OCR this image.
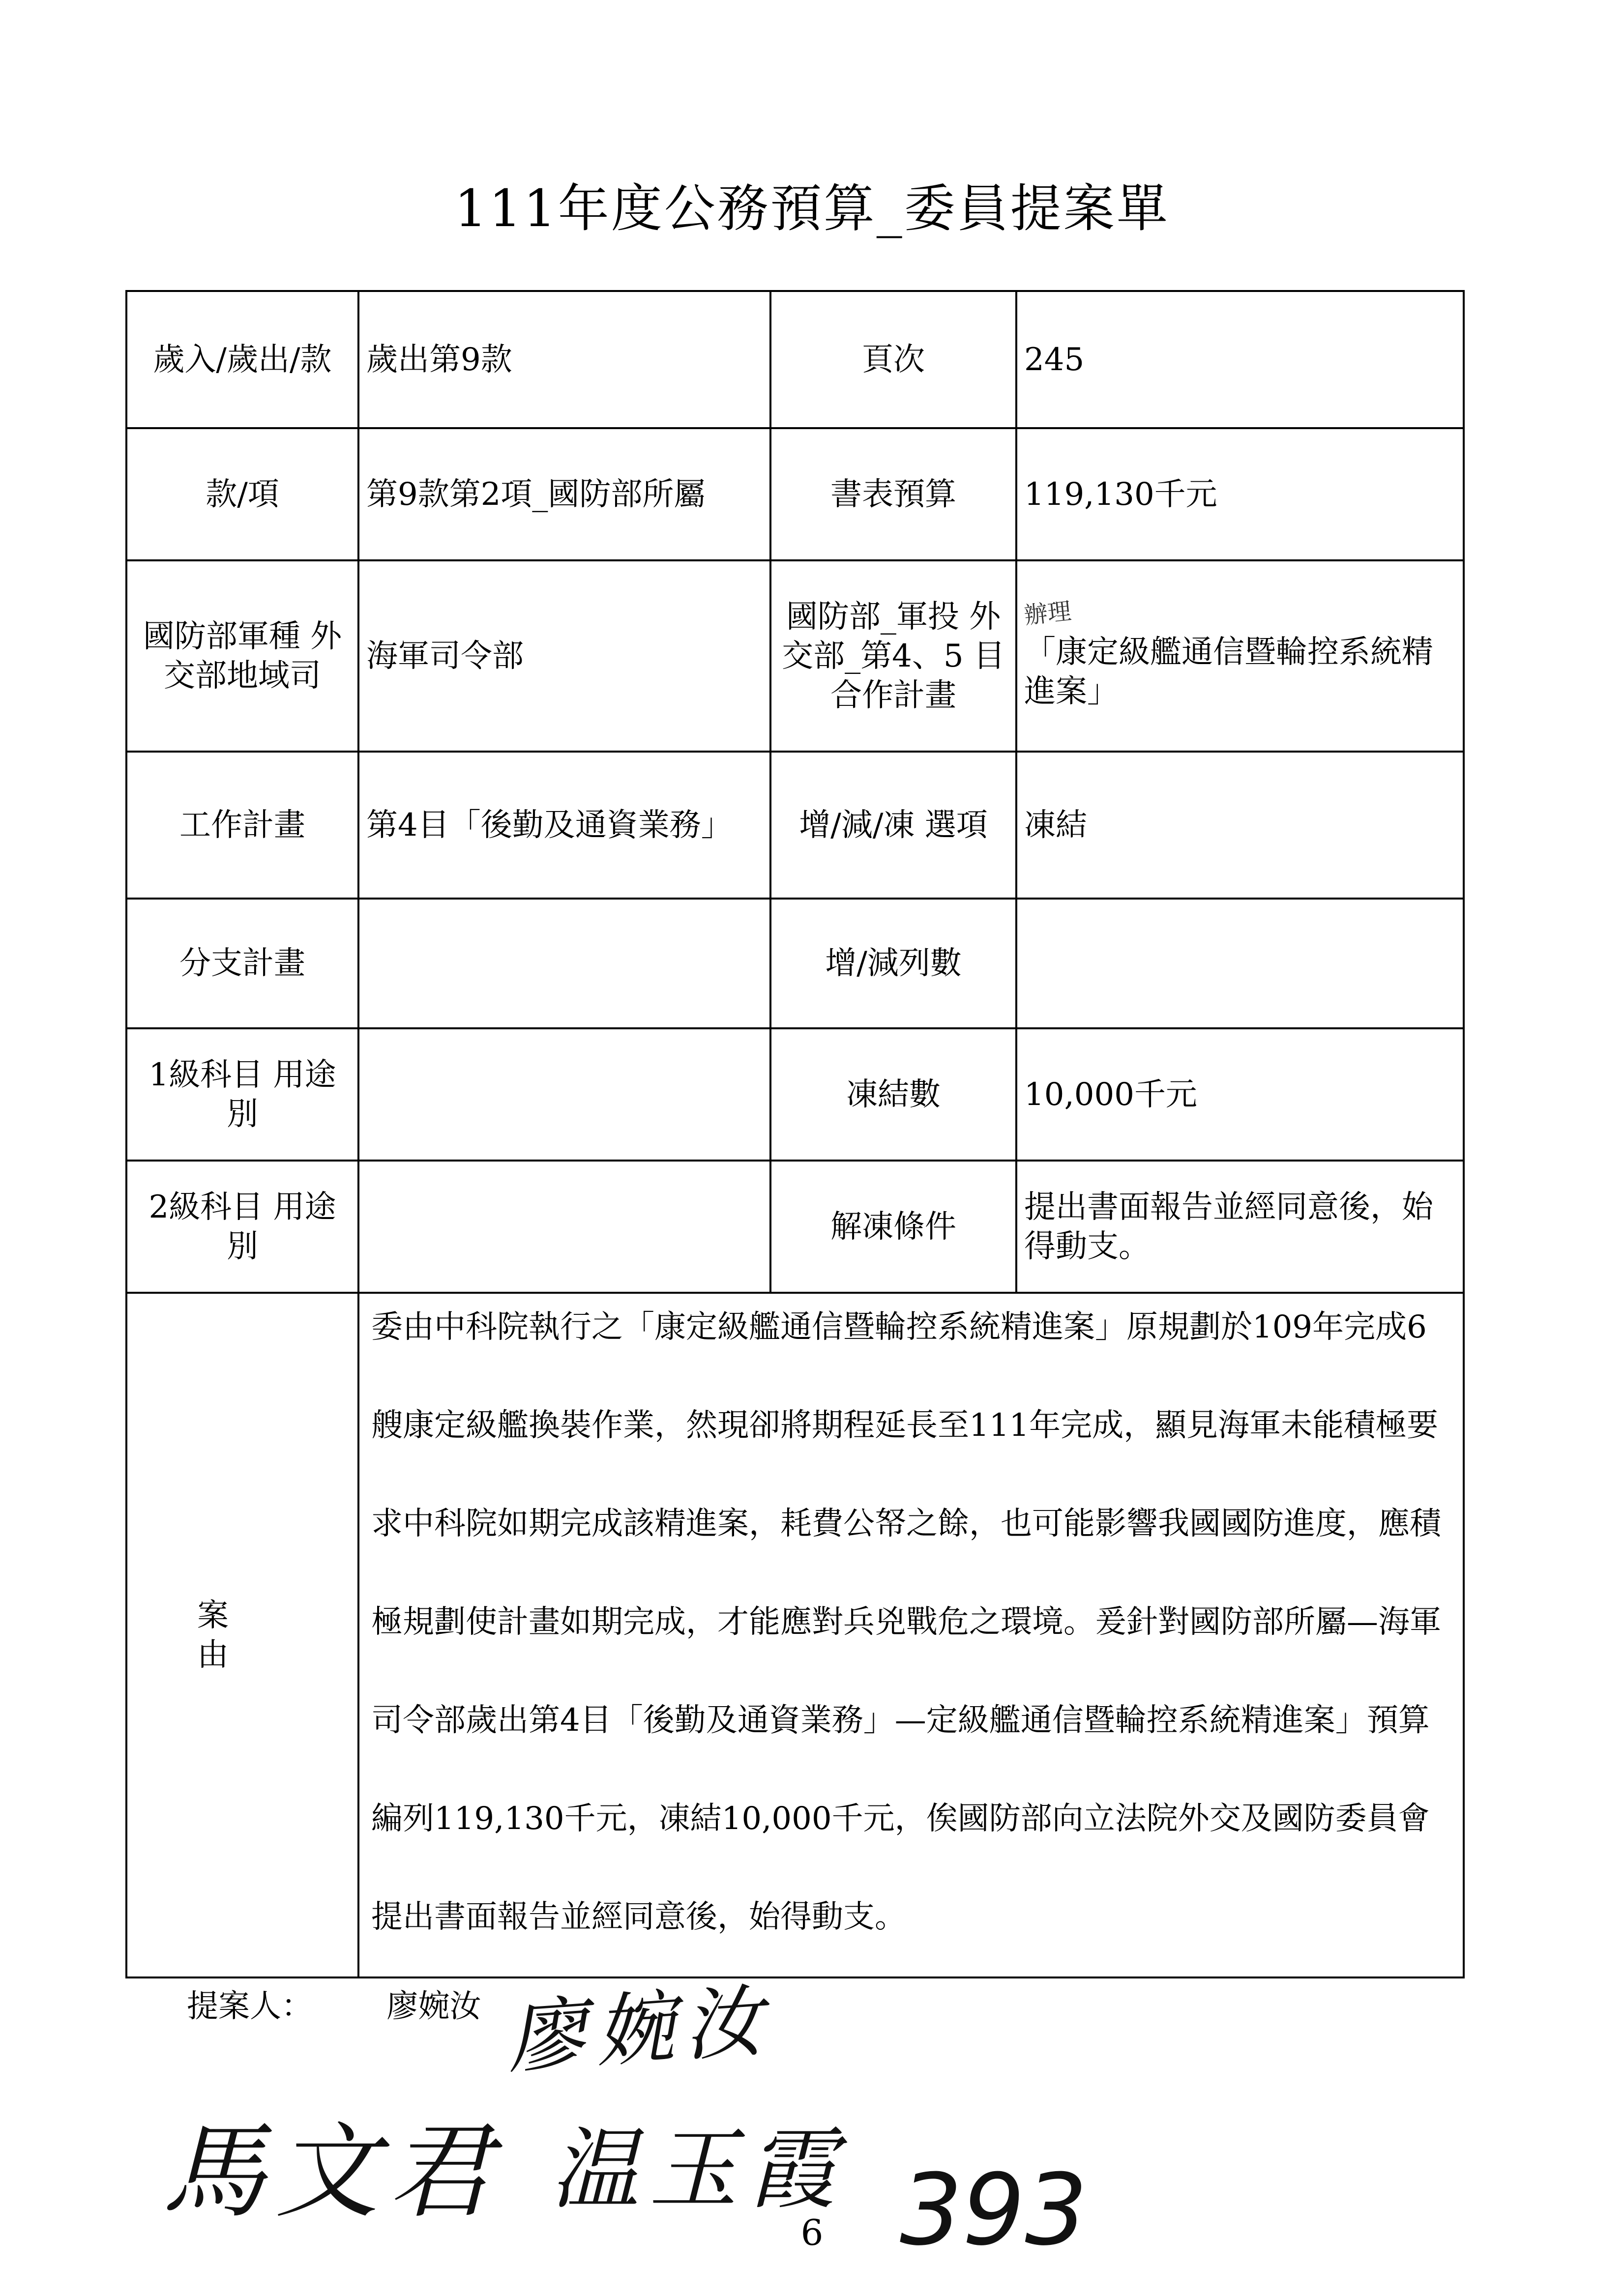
111年度公務預算_委員提案單
歲入/歲出/款	歲出第9款	頁次	245
款/項	第9款第2項_國防部所屬	書表預算	119,130千元
國防部軍種 外交部地域司	海軍司令部	國防部_軍投 外交部_第4、5 目合作計畫	辦理
「康定級艦通信暨輪控系統精進案」
工作計畫	第4目「後勤及通資業務」	增/減/凍 選項	凍結
分支計畫		增/減列數	
1級科目 用途別		凍結數	10,000千元
2級科目 用途別		解凍條件	提出書面報告並經同意後，始得動支。
案 由	委由中科院執行之「康定級艦通信暨輪控系統精進案」原規劃於109年完成6艘康定級艦換裝作業，然現卻將期程延長至111年完成，顯見海軍未能積極要求中科院如期完成該精進案，耗費公帑之餘，也可能影響我國國防進度，應積極規劃使計畫如期完成，才能應對兵兇戰危之環境。爰針對國防部所屬—海軍司令部歲出第4目「後勤及通資業務」—定級艦通信暨輪控系統精進案」預算編列119,130千元，凍結10,000千元，俟國防部向立法院外交及國防委員會提出書面報告並經同意後，始得動支。		
提案人： 廖婉汝 廖婉汝
馬文君 温玉霞 393
6
